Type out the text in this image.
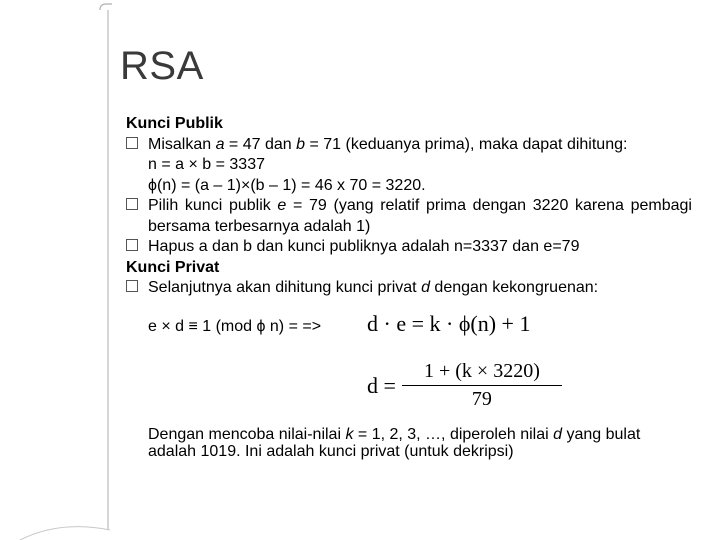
RSA
Kunci Publik
Misalkan a = 47 dan b = 71 (keduanya prima), maka dapat dihitung:
n = a × b = 3337
ϕ(n) = (a – 1)×(b – 1) = 46 x 70 = 3220.
Pilih kunci publik e = 79 (yang relatif prima dengan 3220 karena pembagi bersama terbesarnya adalah 1)
Hapus a dan b dan kunci publiknya adalah n=3337 dan e=79
Kunci Privat
Selanjutnya akan dihitung kunci privat d dengan kekongruenan:
e × d ≡ 1 (mod ϕ n) = => d · e = k · ϕ(n) + 1
$d = \frac{1 + (k \times 3220)}{79}$
Dengan mencoba nilai-nilai k = 1, 2, 3, …, diperoleh nilai d yang bulat adalah 1019. Ini adalah kunci privat (untuk dekripsi)
